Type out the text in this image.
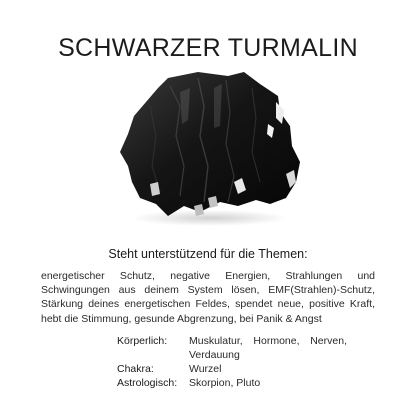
SCHWARZER TURMALIN
Steht unterstützend für die Themen:

energetischer Schutz, negative Energien, Strahlungen und Schwingungen aus deinem System lösen, EMF(Strahlen)-Schutz, Stärkung deines energetischen Feldes, spendet neue, positive Kraft, hebt die Stimmung, gesunde Abgrenzung, bei Panik & Angst

Körperlich:	Muskulatur, Hormone, Nerven, Verdauung
Chakra:	Wurzel
Astrologisch:	Skorpion, Pluto
